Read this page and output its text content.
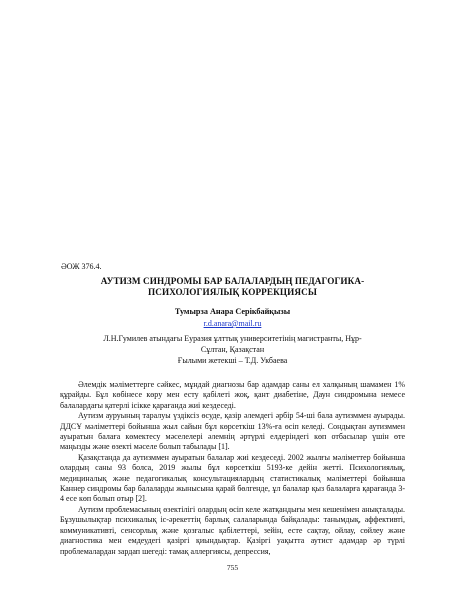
ӘОЖ 376.4.
АУТИЗМ СИНДРОМЫ БАР БАЛАЛАРДЫҢ ПЕДАГОГИКА-
ПСИХОЛОГИЯЛЫҚ КОРРЕКЦИЯСЫ
Тумырза Анара Серікбайқызы
r.d.anara@mail.ru
Л.Н.Гумилев атындағы Еуразия ұлттық университетінің магистранты, Нұр-
Сұлтан, Қазақстан
Ғылыми жетекші – Т.Д. Укбаева

Әлемдік мәліметтерге сәйкес, мұндай диагнозы бар адамдар саны ел халқының шамамен 1% құрайды. Бұл көбінесе көру мен есту қабілеті жоқ, қант диабетіне, Даун синдромына немесе балалардағы қатерлі ісікке қарағанда жиі кездеседі.

Аутизм ауруының таралуы үздіксіз өсуде, қазір әлемдегі әрбір 54-ші бала аутизммен ауырады. ДДСҰ мәліметтері бойынша жыл сайын бұл көрсеткіш 13%-ға өсіп келеді. Сондықтан аутизммен ауыратын балаға көмектесу мәселелері әлемнің әртүрлі елдеріндегі көп отбасылар үшін өте маңызды және өзекті мәселе болып табылады [1].

Қазақстанда да аутизммен ауыратын балалар жиі кездеседі. 2002 жылғы мәліметтер бойынша олардың саны 93 болса, 2019 жылы бұл көрсеткіш 5193-ке дейін жетті. Психологиялық, медициналық және педагогикалық консультациялардың статистикалық мәліметтері бойынша Каннер синдромы бар балаларды жынысына қарай бөлгенде, ұл балалар қыз балаларға қарағанда 3-4 есе көп болып отыр [2].

Аутизм проблемасының өзектілігі олардың өсіп келе жатқандығы мен кешенімен анықталады. Бұзушылықтар психикалық іс-әрекеттің барлық салаларында байқалады: танымдық, аффективті, коммуникативті, сенсорлық және қозғалыс қабілеттері, зейін, есте сақтау, ойлау, сөйлеу және диагностика мен емдеудегі қазіргі қиындықтар. Қазіргі уақытта аутист адамдар әр түрлі проблемалардан зардап шегеді: тамақ аллергиясы, депрессия,

755
